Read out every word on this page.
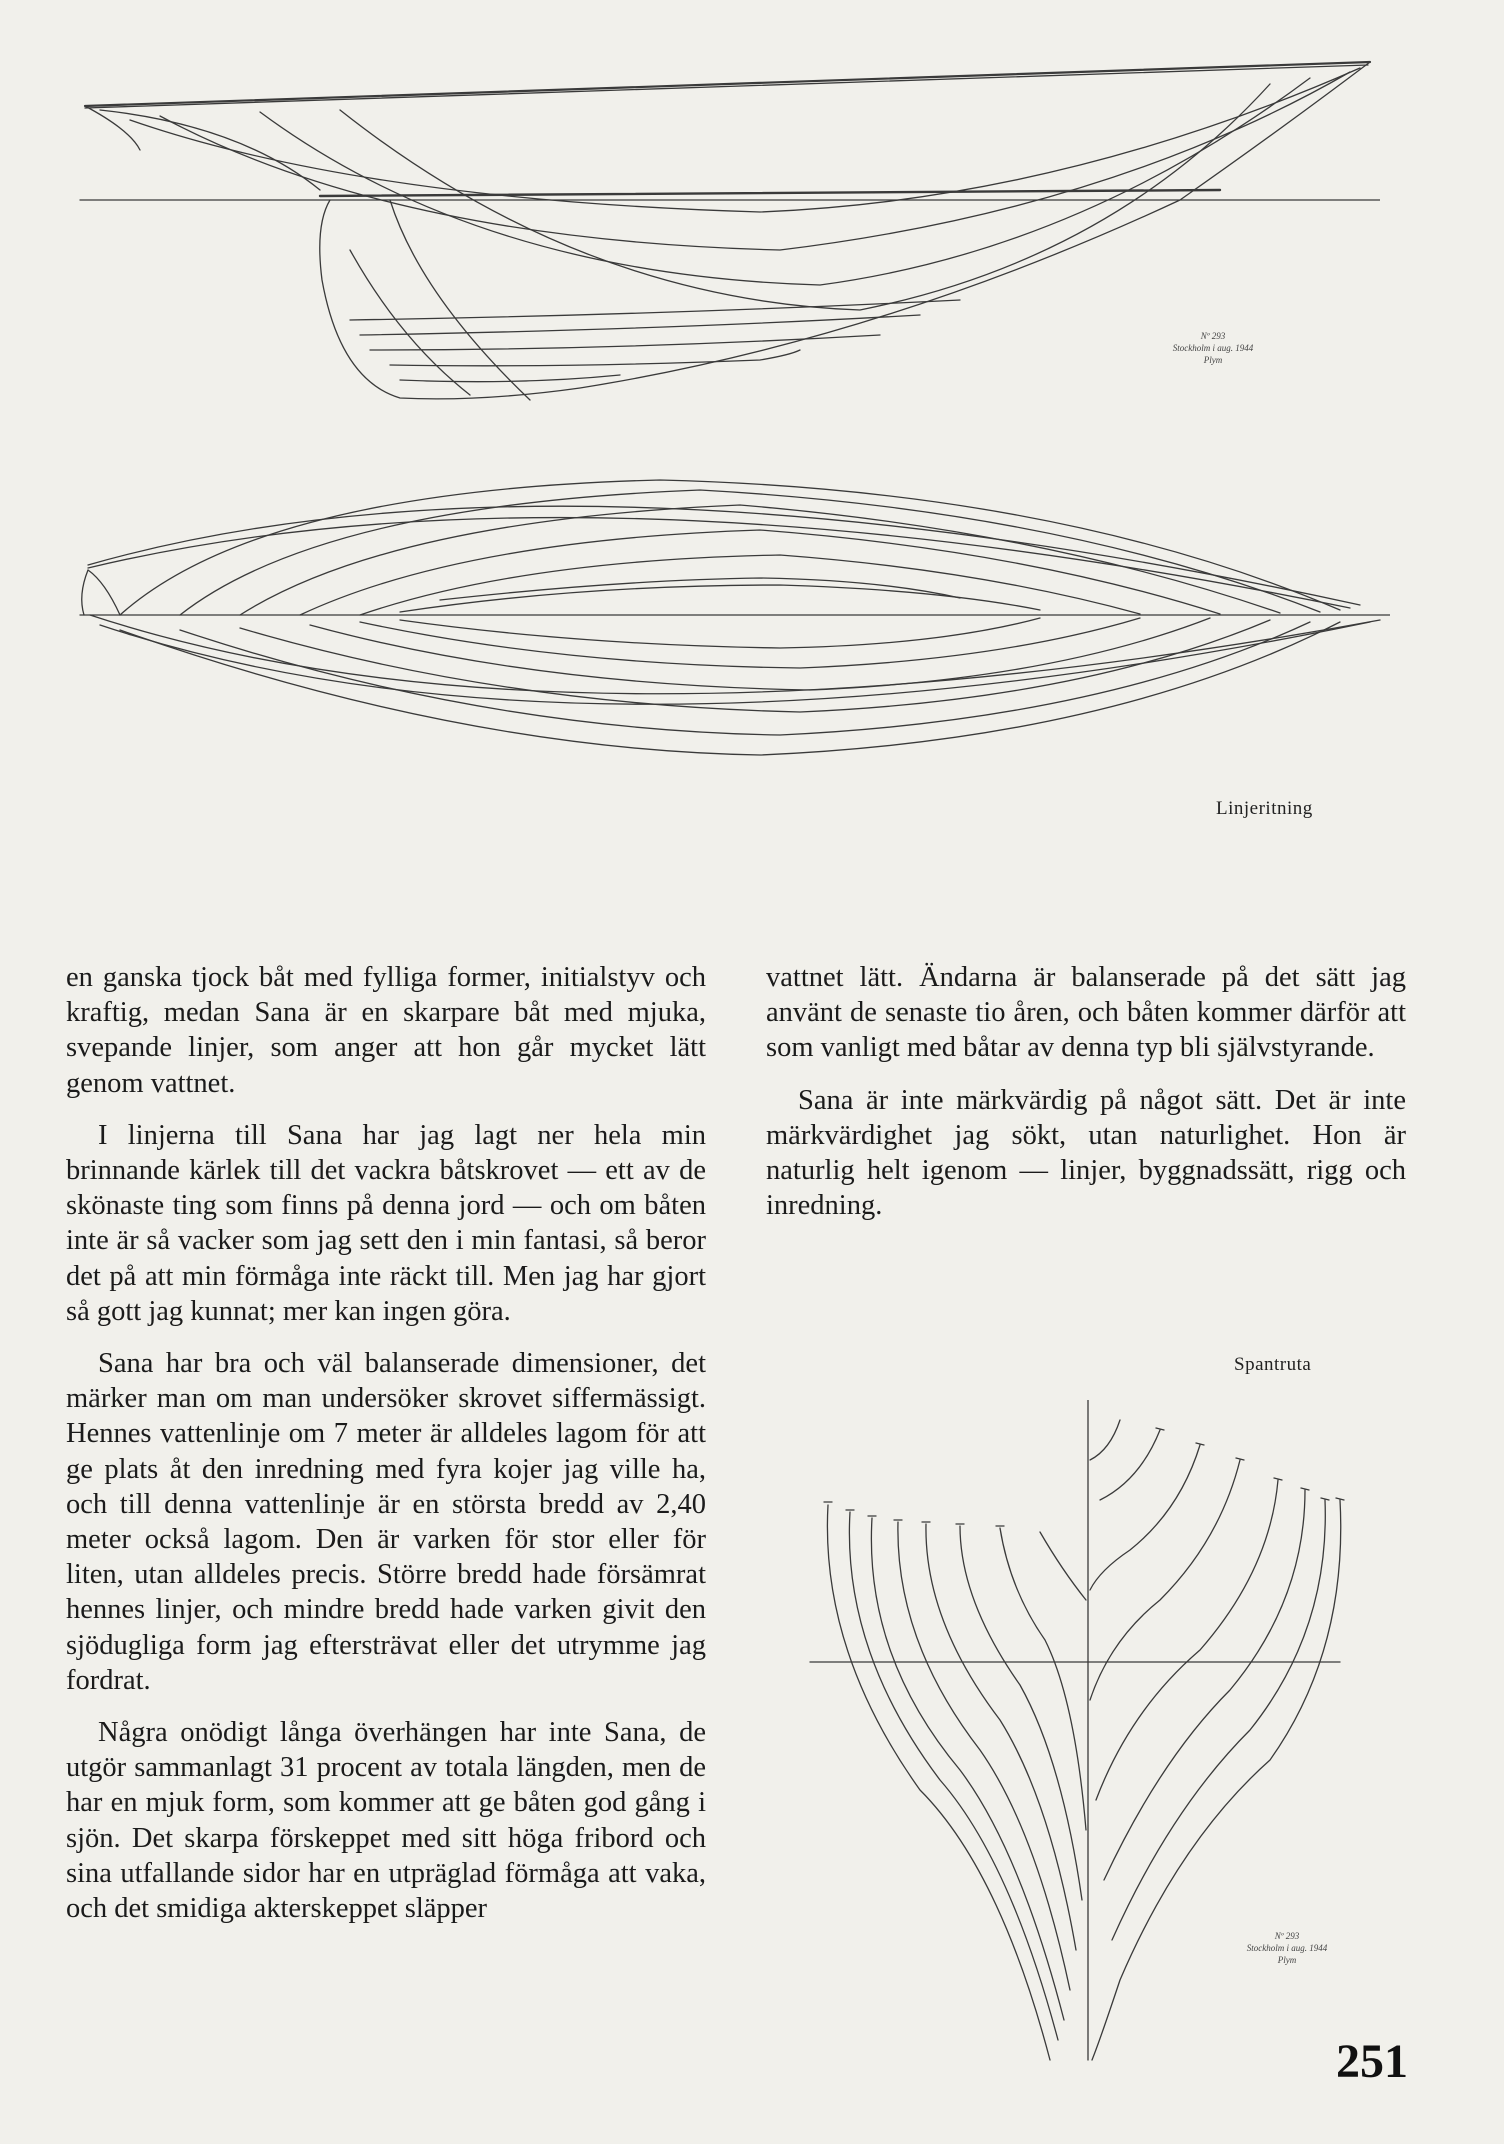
Nº 293
Stockholm i aug. 1944
Plym
Linjeritning

en ganska tjock båt med fylliga former, initialstyv och kraftig, medan Sana är en skarpare båt med mjuka, svepande linjer, som anger att hon går mycket lätt genom vattnet.

I linjerna till Sana har jag lagt ner hela min brinnande kärlek till det vackra båtskrovet — ett av de skönaste ting som finns på denna jord — och om båten inte är så vacker som jag sett den i min fantasi, så beror det på att min förmåga inte räckt till. Men jag har gjort så gott jag kunnat; mer kan ingen göra.

Sana har bra och väl balanserade dimensioner, det märker man om man undersöker skrovet siffermässigt. Hennes vattenlinje om 7 meter är alldeles lagom för att ge plats åt den inredning med fyra kojer jag ville ha, och till denna vattenlinje är en största bredd av 2,40 meter också lagom. Den är varken för stor eller för liten, utan alldeles precis. Större bredd hade försämrat hennes linjer, och mindre bredd hade varken givit den sjödugliga form jag eftersträvat eller det utrymme jag fordrat.

Några onödigt långa överhängen har inte Sana, de utgör sammanlagt 31 procent av totala längden, men de har en mjuk form, som kommer att ge båten god gång i sjön. Det skarpa förskeppet med sitt höga fribord och sina utfallande sidor har en utpräglad förmåga att vaka, och det smidiga akterskeppet släpper

vattnet lätt. Ändarna är balanserade på det sätt jag använt de senaste tio åren, och båten kommer därför att som vanligt med båtar av denna typ bli självstyrande.

Sana är inte märkvärdig på något sätt. Det är inte märkvärdighet jag sökt, utan naturlighet. Hon är naturlig helt igenom — linjer, byggnadssätt, rigg och inredning.

Spantruta
Nº 293
Stockholm i aug. 1944
Plym
251
